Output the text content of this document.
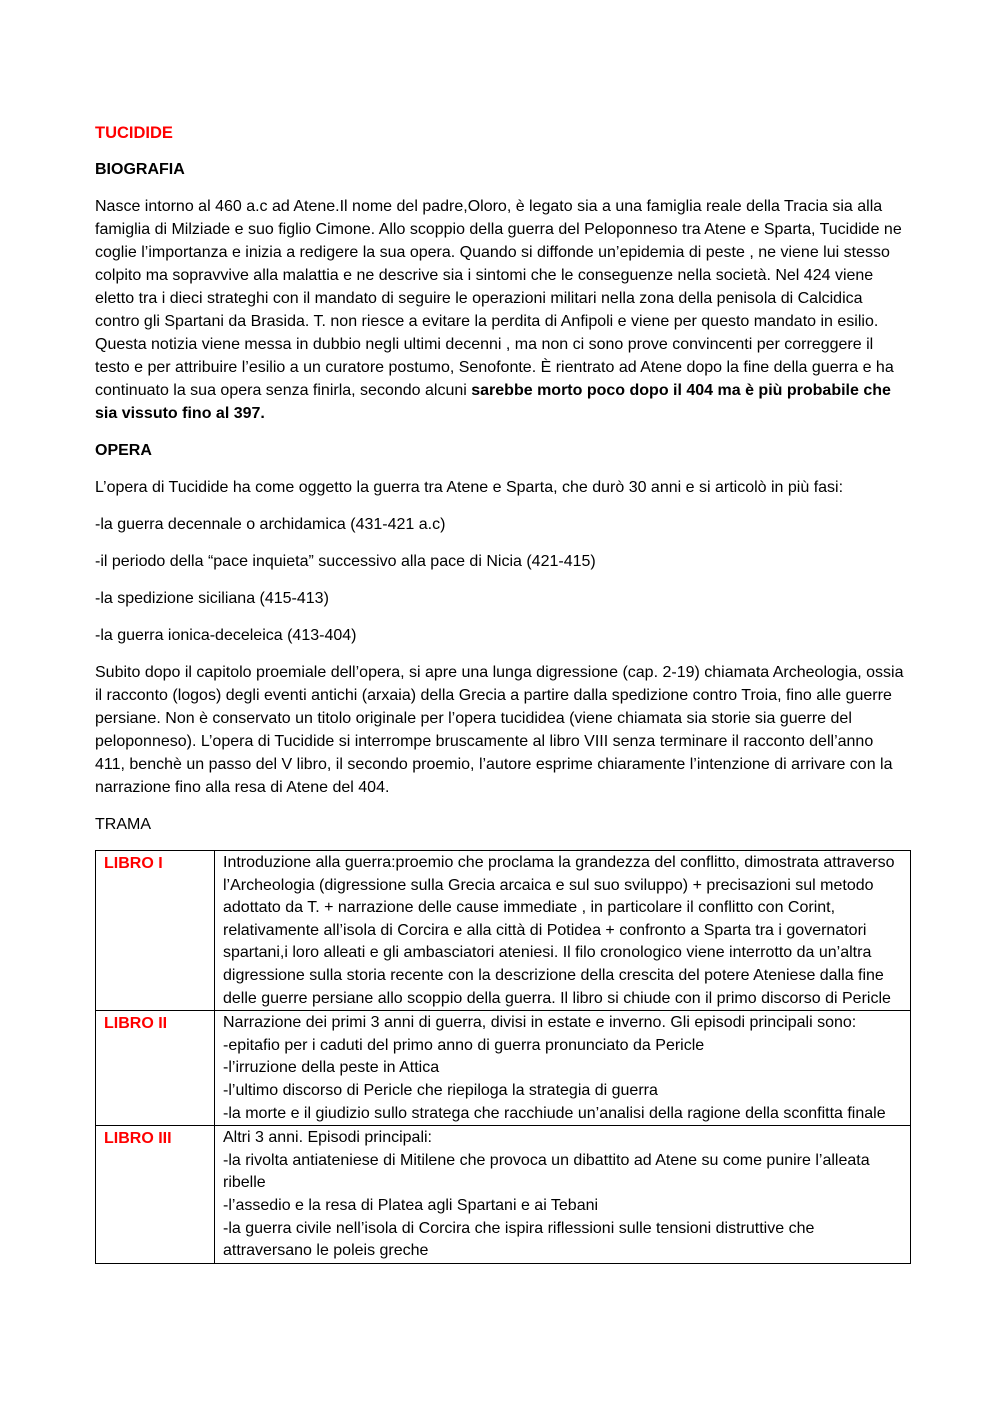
TUCIDIDE
BIOGRAFIA

Nasce intorno al 460 a.c ad Atene.Il nome del padre,Oloro, è legato sia a una famiglia reale della Tracia sia alla famiglia di Milziade e suo figlio Cimone. Allo scoppio della guerra del Peloponneso tra Atene e Sparta, Tucidide ne coglie l’importanza e inizia a redigere la sua opera. Quando si diffonde un’epidemia di peste , ne viene lui stesso colpito ma sopravvive alla malattia e ne descrive sia i sintomi che le conseguenze nella società. Nel 424 viene eletto tra i dieci strateghi con il mandato di seguire le operazioni militari nella zona della penisola di Calcidica contro gli Spartani da Brasida. T. non riesce a evitare la perdita di Anfipoli e viene per questo mandato in esilio. Questa notizia viene messa in dubbio negli ultimi decenni , ma non ci sono prove convincenti per correggere il testo e per attribuire l’esilio a un curatore postumo, Senofonte. È rientrato ad Atene dopo la fine della guerra e ha continuato la sua opera senza finirla, secondo alcuni sarebbe morto poco dopo il 404 ma è più probabile che sia vissuto fino al 397.

OPERA

L’opera di Tucidide ha come oggetto la guerra tra Atene e Sparta, che durò 30 anni e si articolò in più fasi:

-la guerra decennale o archidamica (431-421 a.c)

-il periodo della “pace inquieta” successivo alla pace di Nicia (421-415)

-la spedizione siciliana (415-413)

-la guerra ionica-deceleica (413-404)

Subito dopo il capitolo proemiale dell’opera, si apre una lunga digressione (cap. 2-19) chiamata Archeologia, ossia il racconto (logos) degli eventi antichi (arxaia) della Grecia a partire dalla spedizione contro Troia, fino alle guerre persiane. Non è conservato un titolo originale per l’opera tucididea (viene chiamata sia storie sia guerre del peloponneso). L’opera di Tucidide si interrompe bruscamente al libro VIII senza terminare il racconto dell’anno 411, benchè un passo del V libro, il secondo proemio, l’autore esprime chiaramente l’intenzione di arrivare con la narrazione fino alla resa di Atene del 404.

TRAMA
LIBRO I	Introduzione alla guerra:proemio che proclama la grandezza del conflitto, dimostrata attraverso l’Archeologia (digressione sulla Grecia arcaica e sul suo sviluppo) + precisazioni sul metodo adottato da T. + narrazione delle cause immediate , in particolare il conflitto con Corint, relativamente all’isola di Corcira e alla città di Potidea + confronto a Sparta tra i governatori spartani,i loro alleati e gli ambasciatori ateniesi. Il filo cronologico viene interrotto da un’altra digressione sulla storia recente con la descrizione della crescita del potere Ateniese dalla fine delle guerre persiane allo scoppio della guerra. Il libro si chiude con il primo discorso di Pericle

LIBRO II	Narrazione dei primi 3 anni di guerra, divisi in estate e inverno. Gli episodi principali sono:
-epitafio per i caduti del primo anno di guerra pronunciato da Pericle
-l’irruzione della peste in Attica
-l’ultimo discorso di Pericle che riepiloga la strategia di guerra
-la morte e il giudizio sullo stratega che racchiude un’analisi della ragione della sconfitta finale

LIBRO III	Altri 3 anni. Episodi principali:
-la rivolta antiateniese di Mitilene che provoca un dibattito ad Atene su come punire l’alleata ribelle
-l’assedio e la resa di Platea agli Spartani e ai Tebani
-la guerra civile nell’isola di Corcira che ispira riflessioni sulle tensioni distruttive che attraversano le poleis greche
